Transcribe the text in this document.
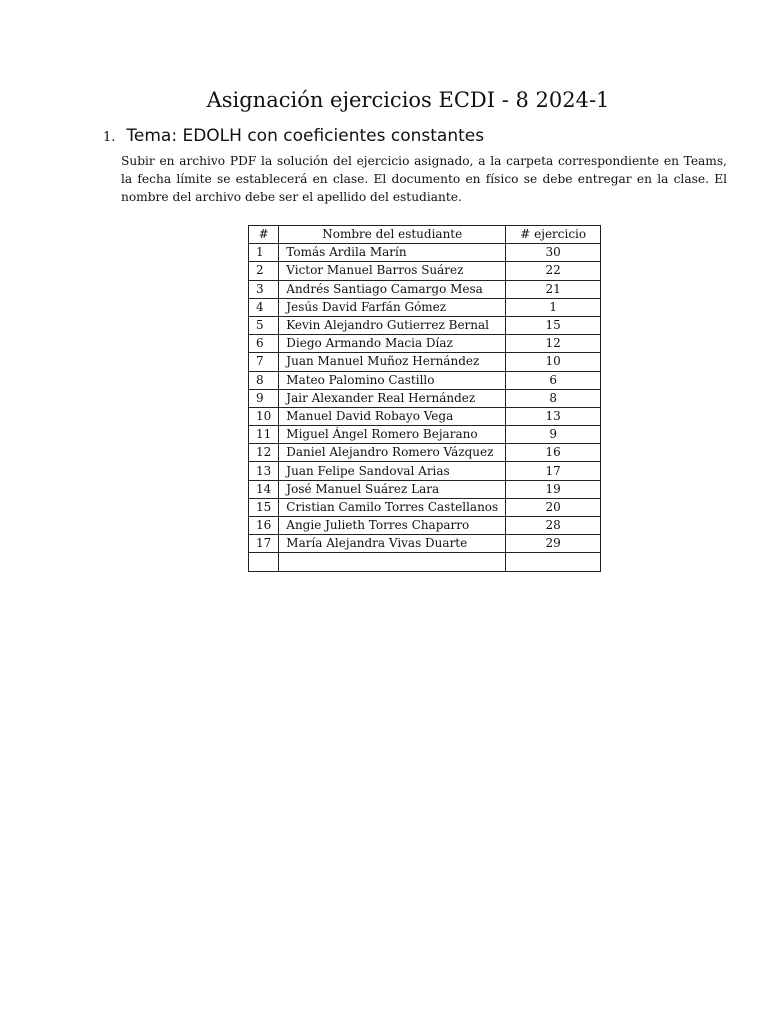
Asignación ejercicios ECDI - 8 2024-1
1. Tema: EDOLH con coeficientes constantes

Subir en archivo PDF la solución del ejercicio asignado, a la carpeta correspondiente en Teams, la fecha límite se establecerá en clase. El documento en físico se debe entregar en la clase. El nombre del archivo debe ser el apellido del estudiante.

#	Nombre del estudiante	# ejercicio
1	Tomás Ardila Marín	30
2	Victor Manuel Barros Suárez	22
3	Andrés Santiago Camargo Mesa	21
4	Jesús David Farfán Gómez	1
5	Kevin Alejandro Gutierrez Bernal	15
6	Diego Armando Macia Díaz	12
7	Juan Manuel Muñoz Hernández	10
8	Mateo Palomino Castillo	6
9	Jair Alexander Real Hernández	8
10	Manuel David Robayo Vega	13
11	Miguel Ángel Romero Bejarano	9
12	Daniel Alejandro Romero Vázquez	16
13	Juan Felipe Sandoval Arias	17
14	José Manuel Suárez Lara	19
15	Cristian Camilo Torres Castellanos	20
16	Angie Julieth Torres Chaparro	28
17	María Alejandra Vivas Duarte	29
